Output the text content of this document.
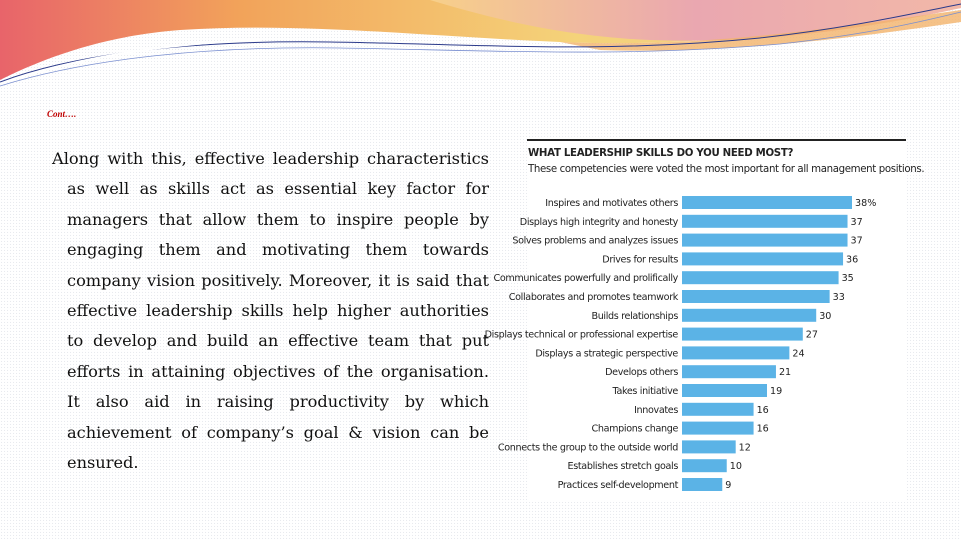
Cont….
Along with this, effective leadership characteristics as well as skills act as essential key factor for managers that allow them to inspire people by engaging them and motivating them towards company vision positively. Moreover, it is said that effective leadership skills help higher authorities to develop and build an effective team that put efforts in attaining objectives of the organisation. It also aid in raising productivity by which achievement of company’s goal & vision can be ensured.
WHAT LEADERSHIP SKILLS DO YOU NEED MOST?
These competencies were voted the most important for all management positions.
Inspires and motivates others	38%
Displays high integrity and honesty	37
Solves problems and analyzes issues	37
Drives for results	36
Communicates powerfully and prolifically	35
Collaborates and promotes teamwork	33
Builds relationships	30
Displays technical or professional expertise	27
Displays a strategic perspective	24
Develops others	21
Takes initiative	19
Innovates	16
Champions change	16
Connects the group to the outside world	12
Establishes stretch goals	10
Practices self-development	9
